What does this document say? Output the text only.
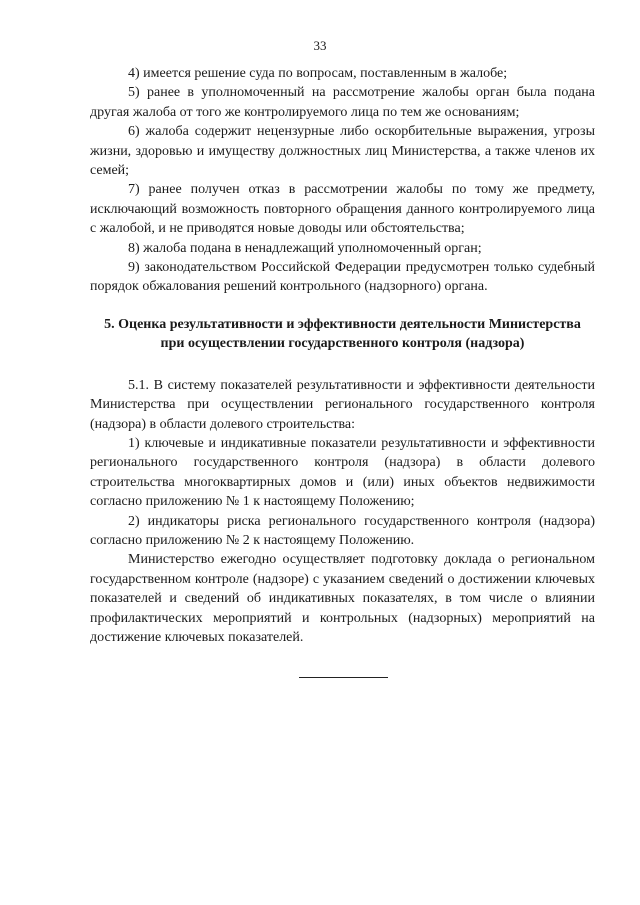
33

4) имеется решение суда по вопросам, поставленным в жалобе;

5) ранее в уполномоченный на рассмотрение жалобы орган была подана другая жалоба от того же контролируемого лица по тем же основаниям;

6) жалоба содержит нецензурные либо оскорбительные выражения, угрозы жизни, здоровью и имуществу должностных лиц Министерства, а также членов их семей;

7) ранее получен отказ в рассмотрении жалобы по тому же предмету, исключающий возможность повторного обращения данного контролируемого лица с жалобой, и не приводятся новые доводы или обстоятельства;

8) жалоба подана в ненадлежащий уполномоченный орган;

9) законодательством Российской Федерации предусмотрен только судебный порядок обжалования решений контрольного (надзорного) органа.

5. Оценка результативности и эффективности деятельности Министерства
при осуществлении государственного контроля (надзора)

5.1. В систему показателей результативности и эффективности деятельности Министерства при осуществлении регионального государственного контроля (надзора) в области долевого строительства:

1) ключевые и индикативные показатели результативности и эффективности регионального государственного контроля (надзора) в области долевого строительства многоквартирных домов и (или) иных объектов недвижимости согласно приложению № 1 к настоящему Положению;

2) индикаторы риска регионального государственного контроля (надзора) согласно приложению № 2 к настоящему Положению.

Министерство ежегодно осуществляет подготовку доклада о региональном государственном контроле (надзоре) с указанием сведений о достижении ключевых показателей и сведений об индикативных показателях, в том числе о влиянии профилактических мероприятий и контрольных (надзорных) мероприятий на достижение ключевых показателей.
